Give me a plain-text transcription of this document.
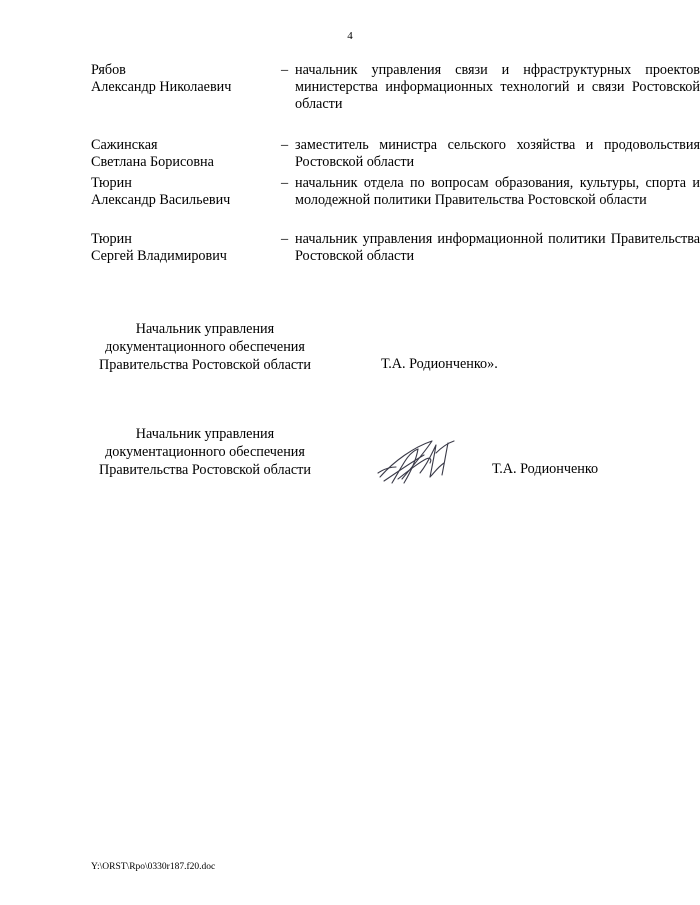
4
Рябов
Александр Николаевич
– начальник управления связи и нфраструктурных проектов министерства информационных технологий и связи Ростовской области
Сажинская
Светлана Борисовна
– заместитель министра сельского хозяйства и продовольствия Ростовской области
Тюрин
Александр Васильевич
– начальник отдела по вопросам образования, культуры, спорта и молодежной политики Правительства Ростовской области
Тюрин
Сергей Владимирович
– начальник управления информационной политики Правительства Ростовской области
Начальник управления
документационного обеспечения
Правительства Ростовской области	Т.А. Родионченко».
Начальник управления
документационного обеспечения
Правительства Ростовской области	Т.А. Родионченко
Y:\ORST\Rpo\0330r187.f20.doc
